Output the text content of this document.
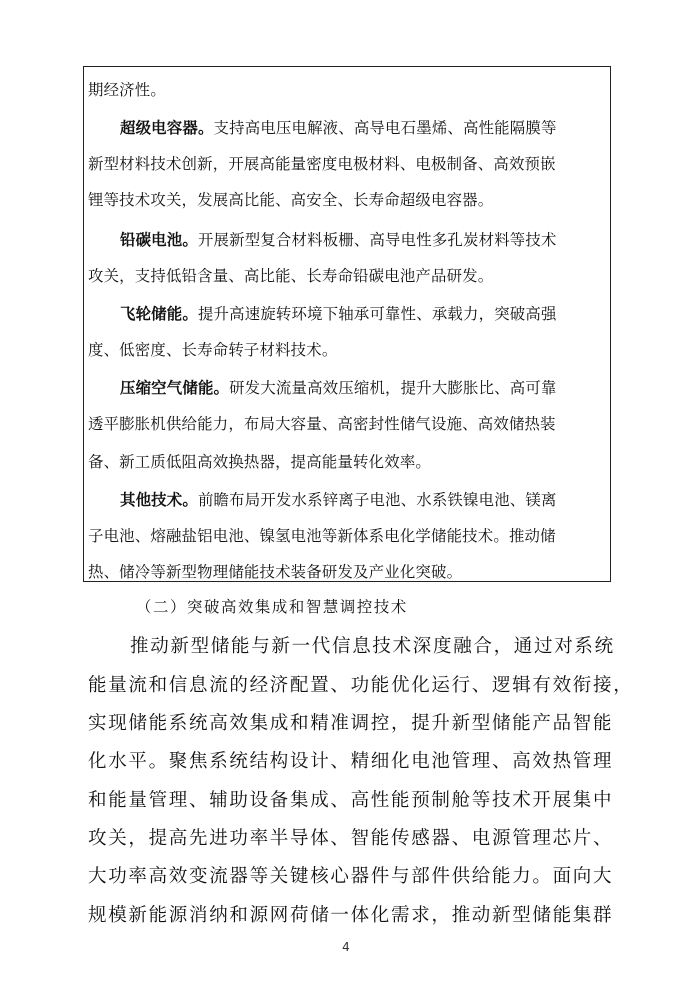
期经济性。
超级电容器。支持高电压电解液、高导电石墨烯、高性能隔膜等
新型材料技术创新，开展高能量密度电极材料、电极制备、高效预嵌
锂等技术攻关，发展高比能、高安全、长寿命超级电容器。
铅碳电池。开展新型复合材料板栅、高导电性多孔炭材料等技术
攻关，支持低铅含量、高比能、长寿命铅碳电池产品研发。
飞轮储能。提升高速旋转环境下轴承可靠性、承载力，突破高强
度、低密度、长寿命转子材料技术。
压缩空气储能。研发大流量高效压缩机，提升大膨胀比、高可靠
透平膨胀机供给能力，布局大容量、高密封性储气设施、高效储热装
备、新工质低阻高效换热器，提高能量转化效率。
其他技术。前瞻布局开发水系锌离子电池、水系铁镍电池、镁离
子电池、熔融盐铝电池、镍氢电池等新体系电化学储能技术。推动储
热、储冷等新型物理储能技术装备研发及产业化突破。
（二）突破高效集成和智慧调控技术
推动新型储能与新一代信息技术深度融合，通过对系统
能量流和信息流的经济配置、功能优化运行、逻辑有效衔接，
实现储能系统高效集成和精准调控，提升新型储能产品智能
化水平。聚焦系统结构设计、精细化电池管理、高效热管理
和能量管理、辅助设备集成、高性能预制舱等技术开展集中
攻关，提高先进功率半导体、智能传感器、电源管理芯片、
大功率高效变流器等关键核心器件与部件供给能力。面向大
规模新能源消纳和源网荷储一体化需求，推动新型储能集群
4
